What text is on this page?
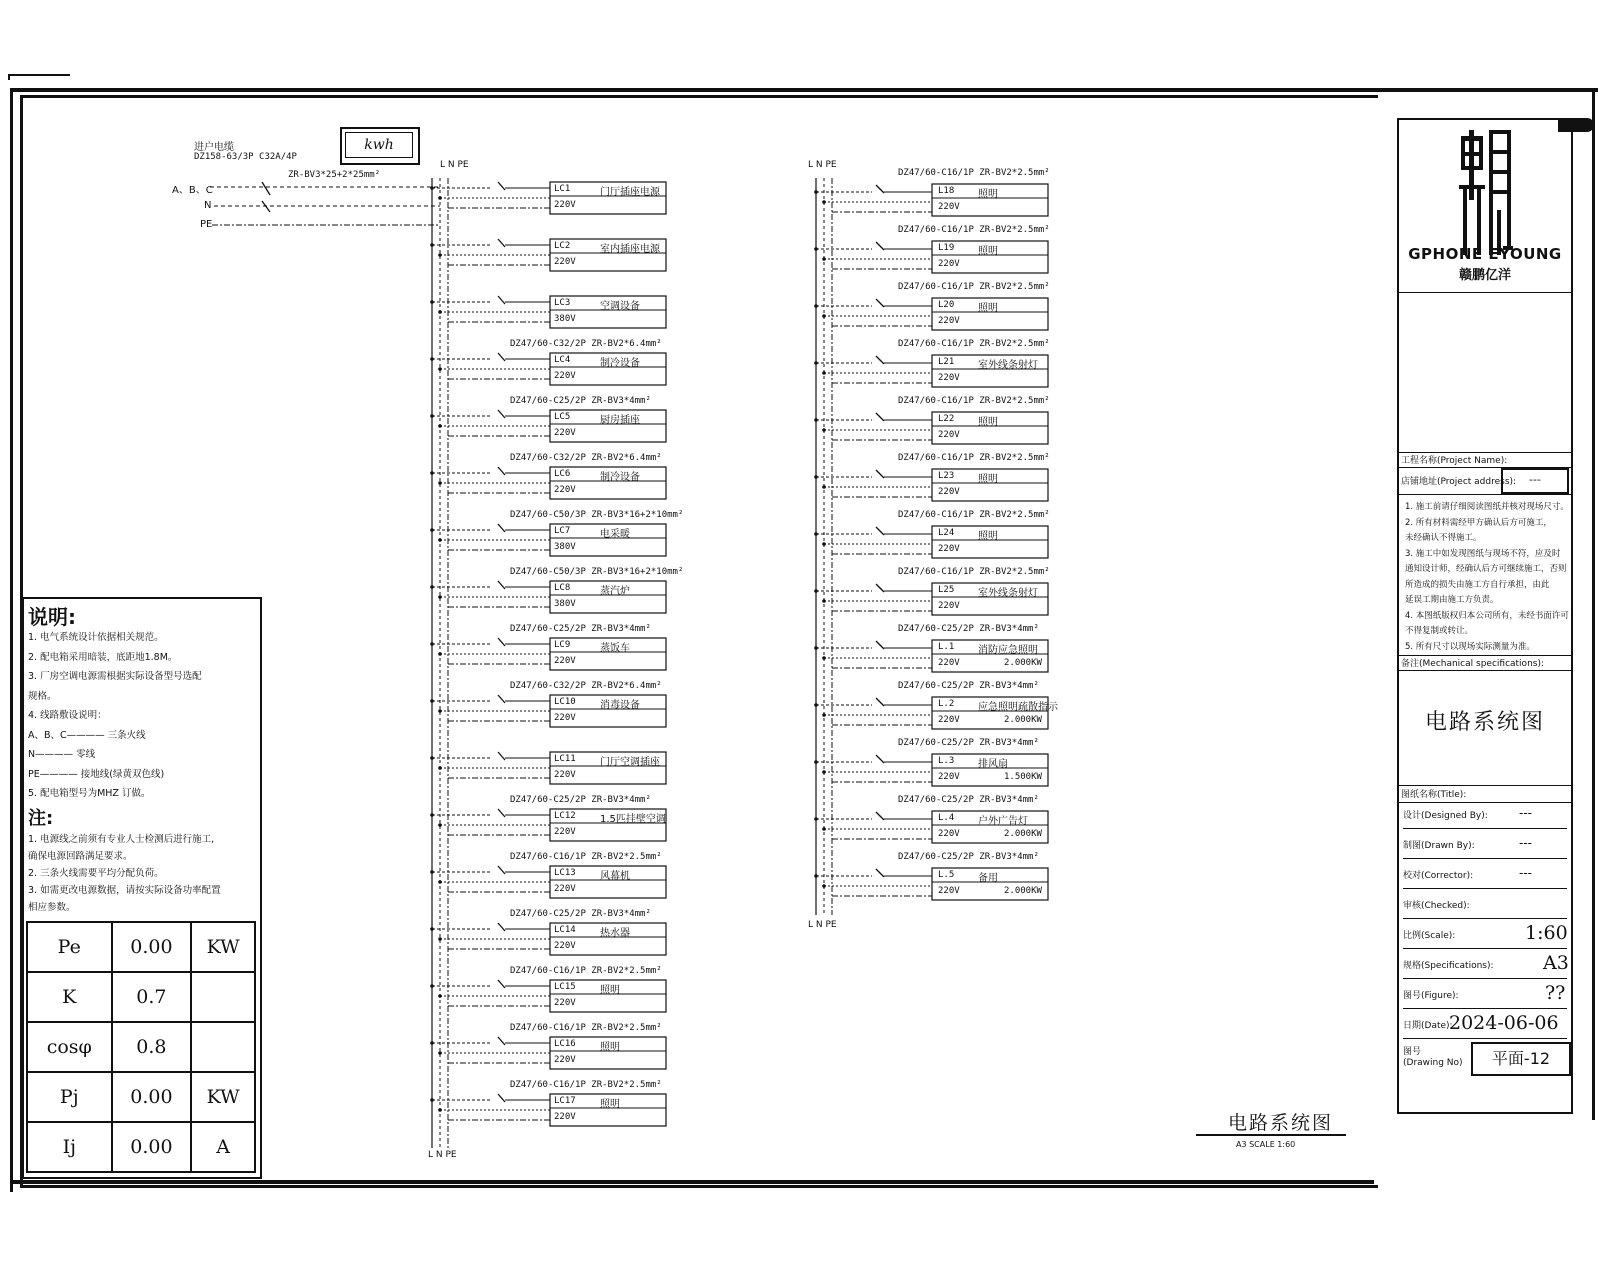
进户电缆
DZ158-63/3P C32A/4P
kwh
ZR-BV3*25+2*25mm²
A、B、C
N
PE
L N PE
L N PE
L N PE
L N PE
LC1
220V
门厅插座电源
LC2
220V
室内插座电源
LC3
380V
空调设备
LC4
220V
制冷设备
DZ47/60-C32/2P ZR-BV2*6.4mm²
LC5
220V
厨房插座
DZ47/60-C25/2P ZR-BV3*4mm²
LC6
220V
制冷设备
DZ47/60-C32/2P ZR-BV2*6.4mm²
LC7
380V
电采暖
DZ47/60-C50/3P ZR-BV3*16+2*10mm²
LC8
380V
蒸汽炉
DZ47/60-C50/3P ZR-BV3*16+2*10mm²
LC9
220V
蒸饭车
DZ47/60-C25/2P ZR-BV3*4mm²
LC10
220V
消毒设备
DZ47/60-C32/2P ZR-BV2*6.4mm²
LC11
220V
门厅空调插座
LC12
220V
1.5匹挂壁空调
DZ47/60-C25/2P ZR-BV3*4mm²
LC13
220V
风幕机
DZ47/60-C16/1P ZR-BV2*2.5mm²
LC14
220V
热水器
DZ47/60-C25/2P ZR-BV3*4mm²
LC15
220V
照明
DZ47/60-C16/1P ZR-BV2*2.5mm²
LC16
220V
照明
DZ47/60-C16/1P ZR-BV2*2.5mm²
LC17
220V
照明
DZ47/60-C16/1P ZR-BV2*2.5mm²
L18
220V
照明
DZ47/60-C16/1P ZR-BV2*2.5mm²
L19
220V
照明
DZ47/60-C16/1P ZR-BV2*2.5mm²
L20
220V
照明
DZ47/60-C16/1P ZR-BV2*2.5mm²
L21
220V
室外线条射灯
DZ47/60-C16/1P ZR-BV2*2.5mm²
L22
220V
照明
DZ47/60-C16/1P ZR-BV2*2.5mm²
L23
220V
照明
DZ47/60-C16/1P ZR-BV2*2.5mm²
L24
220V
照明
DZ47/60-C16/1P ZR-BV2*2.5mm²
L25
220V
室外线条射灯
DZ47/60-C16/1P ZR-BV2*2.5mm²
L.1
220V
消防应急照明
2.000KW
DZ47/60-C25/2P ZR-BV3*4mm²
L.2
220V
应急照明疏散指示
2.000KW
DZ47/60-C25/2P ZR-BV3*4mm²
L.3
220V
排风扇
1.500KW
DZ47/60-C25/2P ZR-BV3*4mm²
L.4
220V
户外广告灯
2.000KW
DZ47/60-C25/2P ZR-BV3*4mm²
L.5
220V
备用
2.000KW
DZ47/60-C25/2P ZR-BV3*4mm²
说明:
1. 电气系统设计依据相关规范。
2. 配电箱采用暗装，底距地1.8M。
3. 厂房空调电源需根据实际设备型号选配
规格。
4. 线路敷设说明：
A、B、C———— 三条火线
N———— 零线
PE———— 接地线(绿黄双色线)
5. 配电箱型号为MHZ 订做。
注:
1. 电源线之前须有专业人士检测后进行施工,
确保电源回路满足要求。
2. 三条火线需要平均分配负荷。
3. 如需更改电源数据，请按实际设备功率配置
相应参数。
Pe	0.00	KW
K	0.7	
cosφ	0.8	
Pj	0.00	KW
Ij	0.00	A
电路系统图
A3 SCALE 1:60
GPHONE EYOUNG
赣鹏亿洋
工程名称(Project Name):
店铺地址(Project address):	---
1. 施工前请仔细阅读图纸并核对现场尺寸。
2. 所有材料需经甲方确认后方可施工，
未经确认不得施工。
3. 施工中如发现图纸与现场不符，应及时
通知设计师，经确认后方可继续施工，否则
所造成的损失由施工方自行承担，由此
延误工期由施工方负责。
4. 本图纸版权归本公司所有，未经书面许可
不得复制或转让。
5. 所有尺寸以现场实际测量为准。
备注(Mechanical specifications):
电路系统图
图纸名称(Title):
设计(Designed By):	---
制图(Drawn By):	---
校对(Corrector):	---
审核(Checked):
比例(Scale):	1:60
规格(Specifications):	A3
图号(Figure):	??
日期(Date):
2024-06-06
图号
(Drawing No)	平面-12
